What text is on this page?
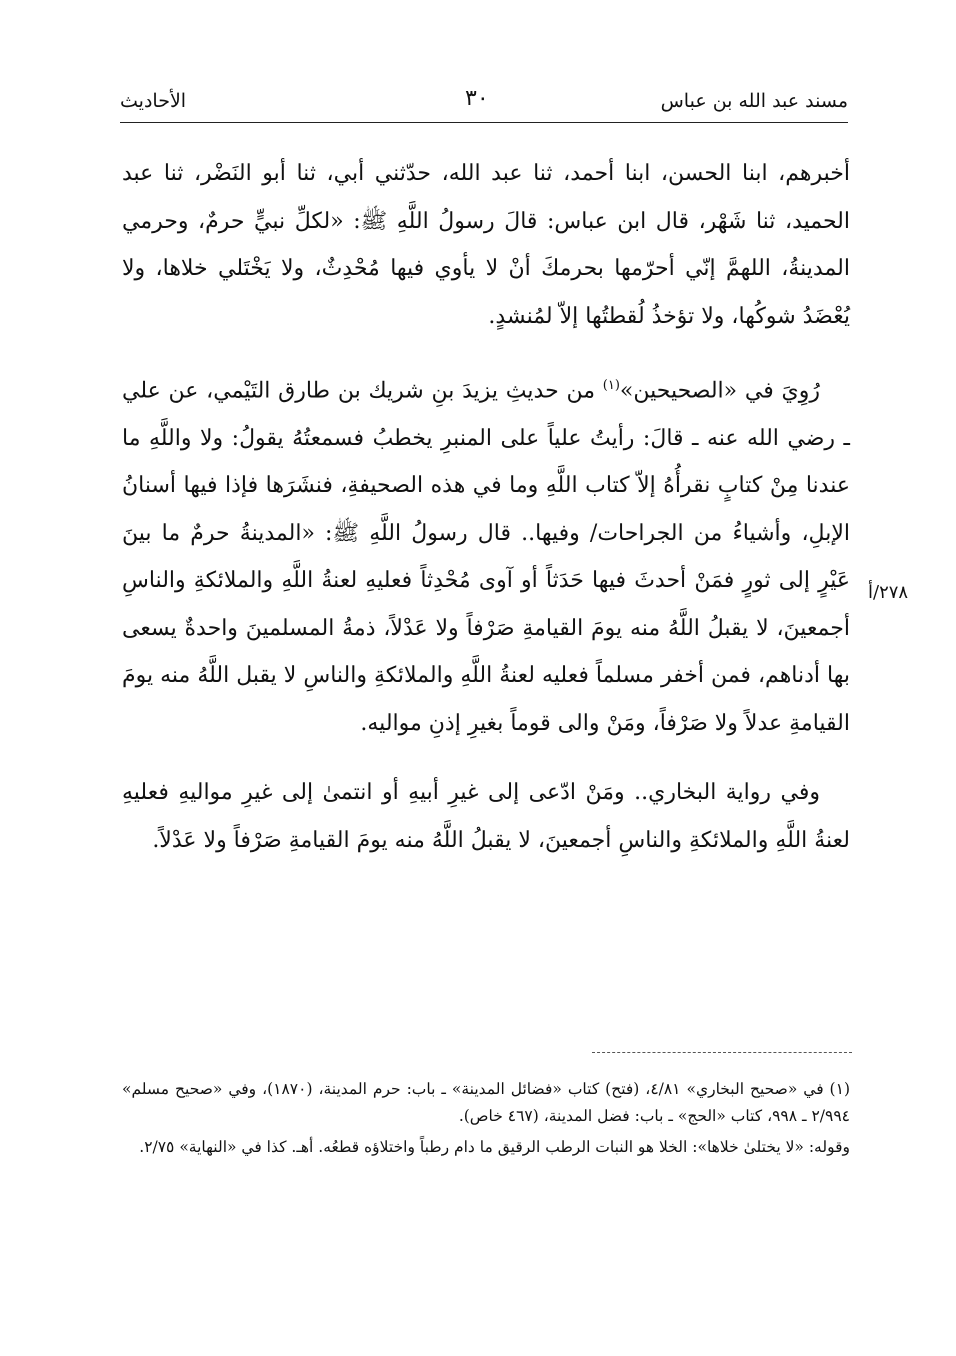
مسند عبد الله بن عباس
٣٠
الأحاديث

أخبرهم، ابنا الحسن، ابنا أحمد، ثنا عبد الله، حدّثني أبي، ثنا أبو النَضْر، ثنا عبد الحميد، ثنا شَهْر، قال ابن عباس: قالَ رسولُ اللَّهِ ﷺ: «لكلِّ نبيٍّ حرمٌ، وحرمي المدينةُ، اللهمَّ إنّي أحرّمها بحرمكَ أنْ لا يأوي فيها مُحْدِثٌ، ولا يَخْتَلي خلاها، ولا يُعْضَدُ شوكُها، ولا تؤخذُ لُقطتُها إلاّ لمُنشدٍ.

رُوِيَ في «الصحيحين»$^{(١)}$ من حديثِ يزيدَ بنِ شريك بن طارق التَيْمي، عن علي ـ رضي الله عنه ـ قالَ: رأيتُ علياً على المنبرِ يخطبُ فسمعتُهُ يقولُ: ولا واللَّهِ ما عندنا مِنْ كتابٍ نقرأُهُ إلاّ كتاب اللَّهِ وما في هذه الصحيفةِ، فنشَرَها فإذا فيها أسنانُ الإبلِ، وأشياءُ من الجراحات/ وفيها.. قال رسولُ اللَّهِ ﷺ: «المدينةُ حرمٌ ما بينَ عَيْرٍ إلى ثورٍ فمَنْ أحدثَ فيها حَدَثاً أو آوى مُحْدِثاً فعليهِ لعنةُ اللَّهِ والملائكةِ والناسِ أجمعينَ، لا يقبلُ اللَّهُ منه يومَ القيامةِ صَرْفاً ولا عَدْلاً، ذمةُ المسلمينَ واحدةٌ يسعى بها أدناهم، فمن أخفر مسلماً فعليه لعنةُ اللَّهِ والملائكةِ والناسِ لا يقبل اللَّهُ منه يومَ القيامةِ عدلاً ولا صَرْفاً، ومَنْ والى قوماً بغيرِ إذنِ مواليه.

وفي رواية البخاري.. ومَنْ ادّعى إلى غيرِ أبيهِ أو انتمىٰ إلى غيرِ مواليهِ فعليهِ لعنةُ اللَّهِ والملائكةِ والناسِ أجمعينَ، لا يقبلُ اللَّهُ منه يومَ القيامةِ صَرْفاً ولا عَدْلاً.

٢٧٨/أ

(١) في «صحيح البخاري» ٤/٨١، (فتح) كتاب «فضائل المدينة» ـ باب: حرم المدينة، (١٨٧٠)، وفي «صحيح مسلم» ٢/٩٩٤ ـ ٩٩٨، كتاب «الحج» ـ باب: فضل المدينة، (٤٦٧ خاص).

وقوله: «لا يختلىٰ خلاها»: الخلا هو النبات الرطب الرقيق ما دام رطباً واختلاؤه قطعُه. أهـ. كذا في «النهاية» ٢/٧٥.
